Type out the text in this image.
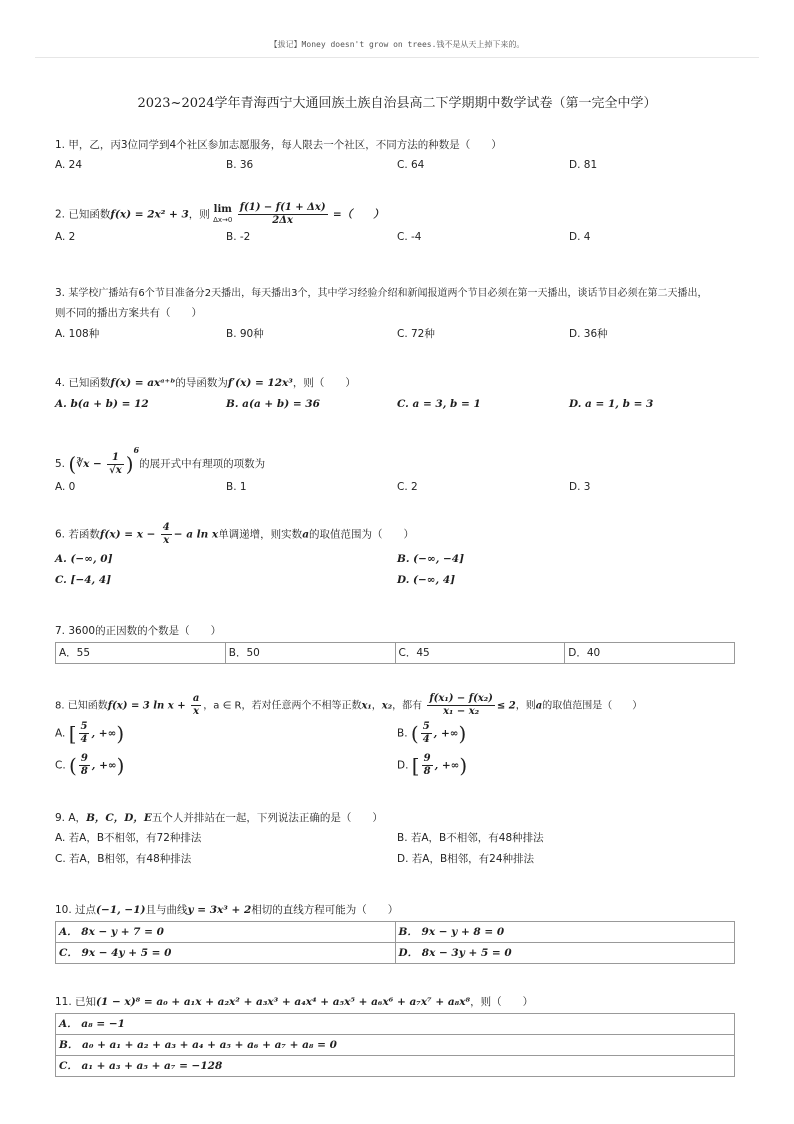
【拔记】Money doesn't grow on trees.钱不是从天上掉下来的。
2023~2024学年青海西宁大通回族土族自治县高二下学期期中数学试卷（第一完全中学）
1. 甲，乙，丙3位同学到4个社区参加志愿服务，每人限去一个社区，不同方法的种数是（　　）
A. 24	B. 36	C. 64	D. 81
2. 已知函数f(x) = 2x² + 3，则 lim
Δx→0
$\frac{f(1) - f(1 + \Delta x)}{2\Delta x}$ =（　　）
A. 2	B. -2	C. -4	D. 4
3. 某学校广播站有6个节目准备分2天播出，每天播出3个，其中学习经验介绍和新闻报道两个节目必须在第一天播出，谈话节目必须在第二天播出，
则不同的播出方案共有（　　）
A. 108种	B. 90种	C. 72种	D. 36种
4. 已知函数f(x) = axᵃ⁺ᵇ的导函数为f′(x) = 12x³，则（　　）
A. b(a + b) = 12	B. a(a + b) = 36	C. a = 3, b = 1	D. a = 1, b = 3
5. (∛x − $\frac{1}{√x} )^6$的展开式中有理项的项数为
A. 0	B. 1	C. 2	D. 3
6. 若函数$f(x) = x - \frac{4}{x} - a$ ln x单调递增，则实数a的取值范围为（　　）
A. (−∞, 0]	B. (−∞, −4]
C. [−4, 4]	D. (−∞, 4]
7. 3600的正因数的个数是（　　）
A．55	B．50	C．45	D．40
8. 已知函数f(x) = 3 $\ln x + \frac{a}{x}$ ，a ∈ R，若对任意两个不相等正数x₁，x₂，都有 $\frac{\text{f(x₁) − f(x₂)}}{\text{x₁ − x₂}} \le 2$，则a的取值范围是（　　）
A. [ $\frac{5}{4}$ , +∞)	B. ( $\frac{5}{4}$ , +∞)
C. ( $\frac{9}{8}$ , +∞)	D. [ $\frac{9}{8}$ , +∞)
9. A，B，C，D，E五个人并排站在一起，下列说法正确的是（　　）
A. 若A，B不相邻，有72种排法	B. 若A，B不相邻，有48种排法
C. 若A，B相邻，有48种排法	D. 若A，B相邻，有24种排法
10. 过点(−1, −1)且与曲线y = 3x³ + 2相切的直线方程可能为（　　）
A． 8x − y + 7 = 0	B． 9x − y + 8 = 0
C． 9x − 4y + 5 = 0	D． 8x − 3y + 5 = 0
11. 已知(1 − x)⁸ = a₀ + a₁x + a₂x² + a₃x³ + a₄x⁴ + a₅x⁵ + a₆x⁶ + a₇x⁷ + a₈x⁸，则（　　）
A． a₈ = −1
B． a₀ + a₁ + a₂ + a₃ + a₄ + a₅ + a₆ + a₇ + a₈ = 0
C． a₁ + a₃ + a₅ + a₇ = −128
